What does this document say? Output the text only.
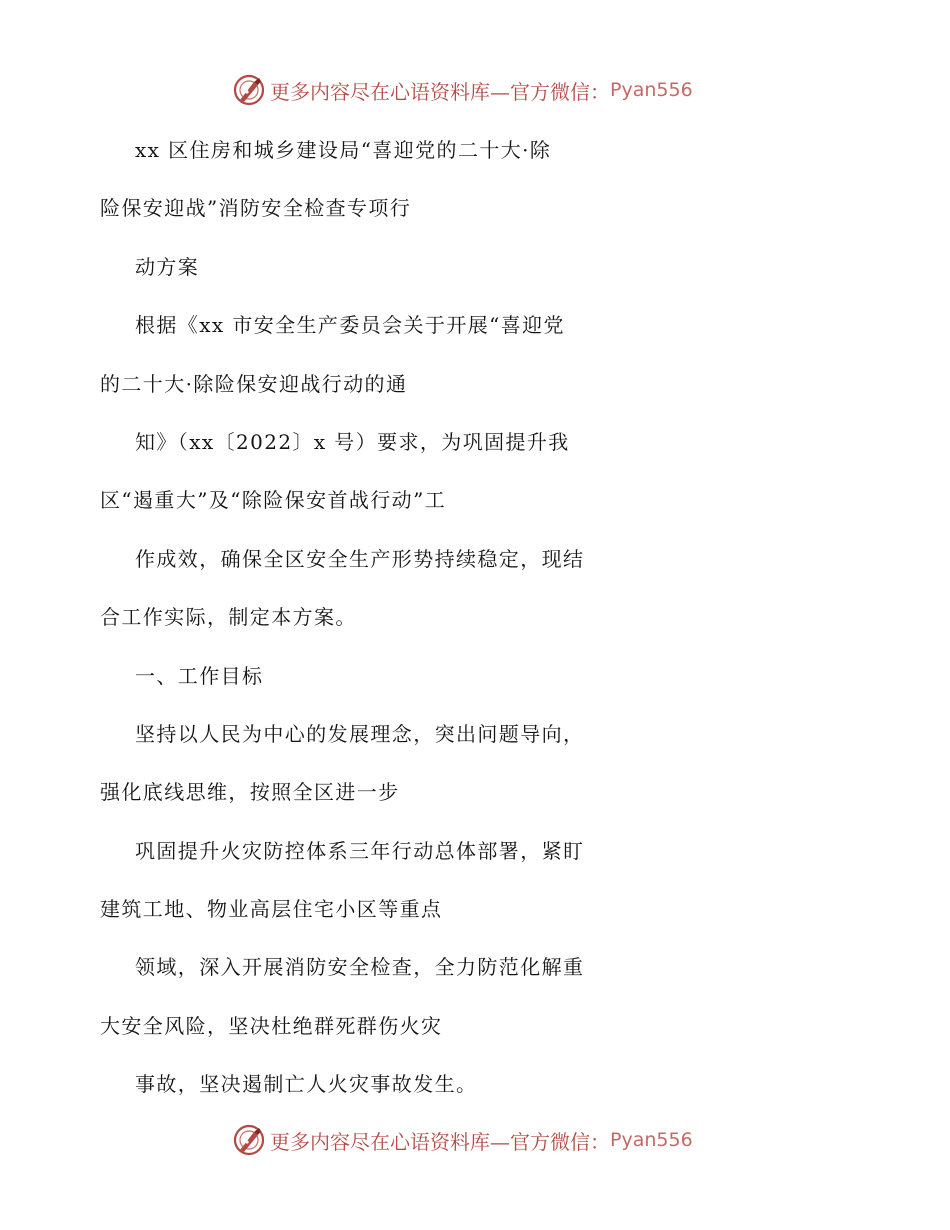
更多内容尽在心语资料库—官方微信： Pyan556
xx 区住房和城乡建设局“喜迎党的二十大·除
险保安迎战”消防安全检查专项行
动方案
根据《xx 市安全生产委员会关于开展“喜迎党
的二十大·除险保安迎战行动的通
知》（xx〔2022〕x 号）要求，为巩固提升我
区“遏重大”及“除险保安首战行动”工
作成效，确保全区安全生产形势持续稳定，现结
合工作实际，制定本方案。
一、工作目标
坚持以人民为中心的发展理念，突出问题导向，
强化底线思维，按照全区进一步
巩固提升火灾防控体系三年行动总体部署，紧盯
建筑工地、物业高层住宅小区等重点
领域，深入开展消防安全检查，全力防范化解重
大安全风险，坚决杜绝群死群伤火灾
事故，坚决遏制亡人火灾事故发生。
更多内容尽在心语资料库—官方微信： Pyan556
